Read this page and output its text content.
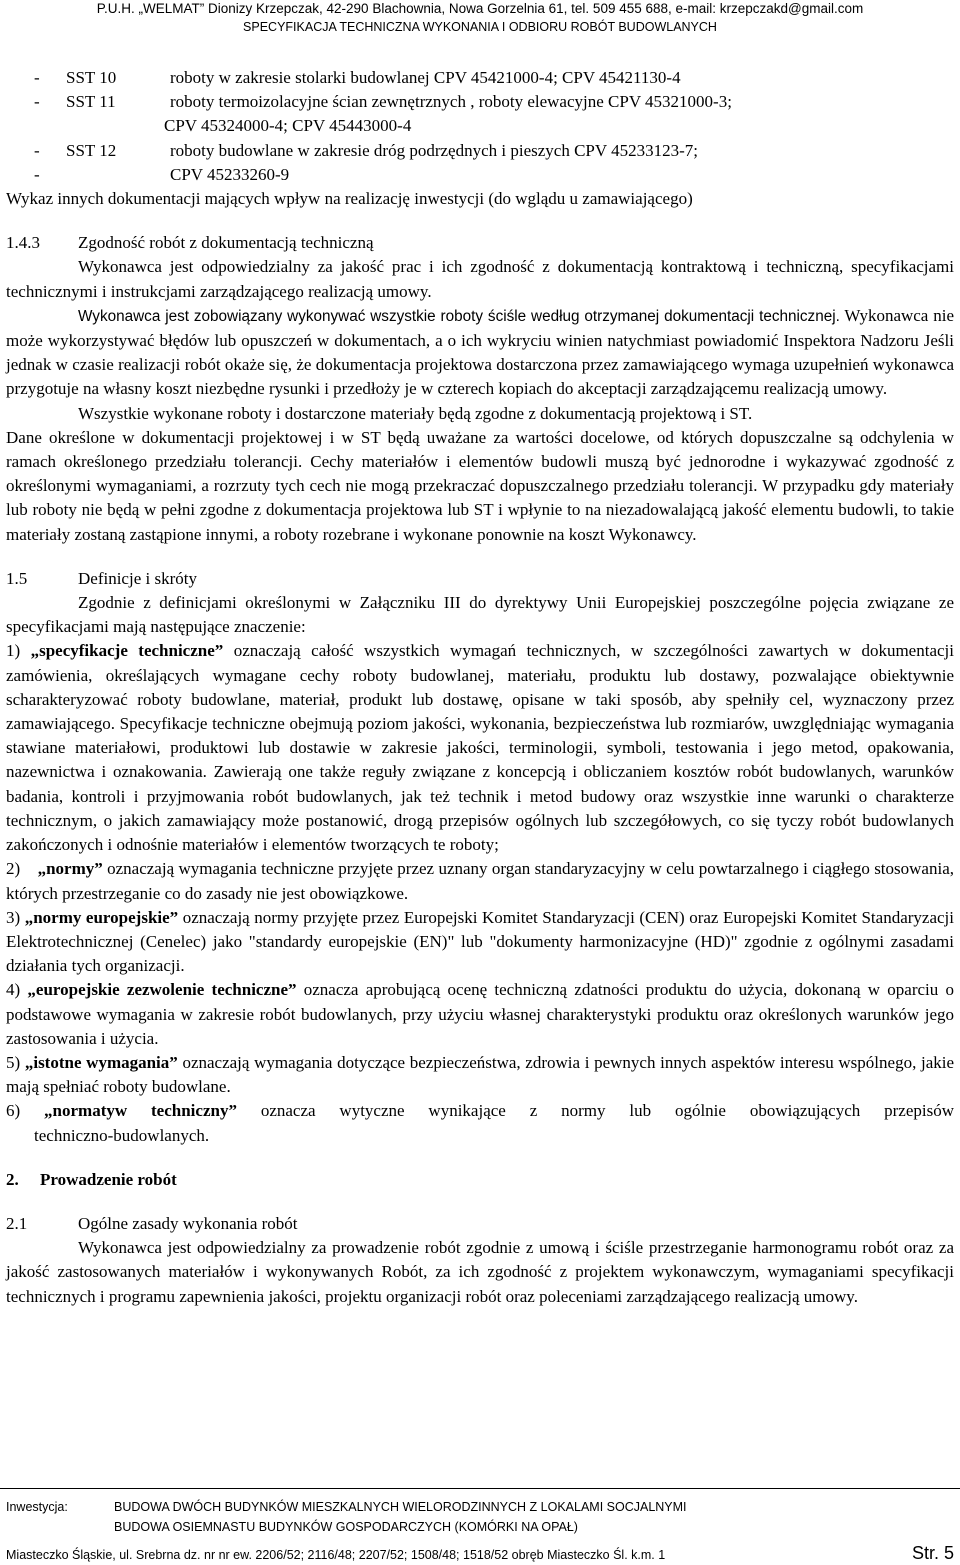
P.U.H. „WELMAT” Dionizy Krzepczak, 42-290 Blachownia, Nowa Gorzelnia 61, tel. 509 455 688, e-mail: krzepczakd@gmail.com
SPECYFIKACJA TECHNICZNA WYKONANIA I ODBIORU ROBÓT BUDOWLANYCH
-	SST 10	roboty w zakresie stolarki budowlanej CPV 45421000-4; CPV 45421130-4
-	SST 11	roboty termoizolacyjne ścian zewnętrznych , roboty elewacyjne CPV 45321000-3;
CPV 45324000-4; CPV 45443000-4
-	SST 12	roboty budowlane w zakresie dróg podrzędnych i pieszych CPV 45233123-7;
-	CPV 45233260-9

Wykaz innych dokumentacji mających wpływ na realizację inwestycji (do wglądu u zamawiającego)

1.4.3	Zgodność robót z dokumentacją techniczną

Wykonawca jest odpowiedzialny za jakość prac i ich zgodność z dokumentacją kontraktową i techniczną, specyfikacjami technicznymi i instrukcjami zarządzającego realizacją umowy.

Wykonawca jest zobowiązany wykonywać wszystkie roboty ściśle według otrzymanej dokumentacji technicznej. Wykonawca nie może wykorzystywać błędów lub opuszczeń w dokumentach, a o ich wykryciu winien natychmiast powiadomić Inspektora Nadzoru Jeśli jednak w czasie realizacji robót okaże się, że dokumentacja projektowa dostarczona przez zamawiającego wymaga uzupełnień wykonawca przygotuje na własny koszt niezbędne rysunki i przedłoży je w czterech kopiach do akceptacji zarządzającemu realizacją umowy.

Wszystkie wykonane roboty i dostarczone materiały będą zgodne z dokumentacją projektową i ST.

Dane określone w dokumentacji projektowej i w ST będą uważane za wartości docelowe, od których dopuszczalne są odchylenia w ramach określonego przedziału tolerancji. Cechy materiałów i elementów budowli muszą być jednorodne i wykazywać zgodność z określonymi wymaganiami, a rozrzuty tych cech nie mogą przekraczać dopuszczalnego przedziału tolerancji. W przypadku gdy materiały lub roboty nie będą w pełni zgodne z dokumentacja projektowa lub ST i wpłynie to na niezadowalającą jakość elementu budowli, to takie materiały zostaną zastąpione innymi, a roboty rozebrane i wykonane ponownie na koszt Wykonawcy.

1.5	Definicje i skróty

Zgodnie z definicjami określonymi w Załączniku III do dyrektywy Unii Europejskiej poszczególne pojęcia związane ze specyfikacjami mają następujące znaczenie:

1) „specyfikacje techniczne” oznaczają całość wszystkich wymagań technicznych, w szczególności zawartych w dokumentacji zamówienia, określających wymagane cechy roboty budowlanej, materiału, produktu lub dostawy, pozwalające obiektywnie scharakteryzować roboty budowlane, materiał, produkt lub dostawę, opisane w taki sposób, aby spełniły cel, wyznaczony przez zamawiającego. Specyfikacje techniczne obejmują poziom jakości, wykonania, bezpieczeństwa lub rozmiarów, uwzględniając wymagania stawiane materiałowi, produktowi lub dostawie w zakresie jakości, terminologii, symboli, testowania i jego metod, opakowania, nazewnictwa i oznakowania. Zawierają one także reguły związane z koncepcją i obliczaniem kosztów robót budowlanych, warunków badania, kontroli i przyjmowania robót budowlanych, jak też technik i metod budowy oraz wszystkie inne warunki o charakterze technicznym, o jakich zamawiający może postanowić, drogą przepisów ogólnych lub szczegółowych, co się tyczy robót budowlanych zakończonych i odnośnie materiałów i elementów tworzących te roboty;

2) „normy” oznaczają wymagania techniczne przyjęte przez uznany organ standaryzacyjny w celu powtarzalnego i ciągłego stosowania, których przestrzeganie co do zasady nie jest obowiązkowe.

3) „normy europejskie” oznaczają normy przyjęte przez Europejski Komitet Standaryzacji (CEN) oraz Europejski Komitet Standaryzacji Elektrotechnicznej (Cenelec) jako "standardy europejskie (EN)" lub "dokumenty harmonizacyjne (HD)" zgodnie z ogólnymi zasadami działania tych organizacji.

4) „europejskie zezwolenie techniczne” oznacza aprobującą ocenę techniczną zdatności produktu do użycia, dokonaną w oparciu o podstawowe wymagania w zakresie robót budowlanych, przy użyciu własnej charakterystyki produktu oraz określonych warunków jego zastosowania i użycia.

5) „istotne wymagania” oznaczają wymagania dotyczące bezpieczeństwa, zdrowia i pewnych innych aspektów interesu wspólnego, jakie mają spełniać roboty budowlane.

6) „normatyw techniczny” oznacza wytyczne wynikające z normy lub ogólnie obowiązujących przepisów

techniczno-budowlanych.

2.	Prowadzenie robót
2.1	Ogólne zasady wykonania robót

Wykonawca jest odpowiedzialny za prowadzenie robót zgodnie z umową i ściśle przestrzeganie harmonogramu robót oraz za jakość zastosowanych materiałów i wykonywanych Robót, za ich zgodność z projektem wykonawczym, wymaganiami specyfikacji technicznych i programu zapewnienia jakości, projektu organizacji robót oraz poleceniami zarządzającego realizacją umowy.

Inwestycja:	BUDOWA DWÓCH BUDYNKÓW MIESZKALNYCH WIELORODZINNYCH Z LOKALAMI SOCJALNYMI
BUDOWA OSIEMNASTU BUDYNKÓW GOSPODARCZYCH (KOMÓRKI NA OPAŁ)
Miasteczko Śląskie, ul. Srebrna dz. nr nr ew. 2206/52; 2116/48; 2207/52; 1508/48; 1518/52 obręb Miasteczko Śl. k.m. 1	Str. 5
